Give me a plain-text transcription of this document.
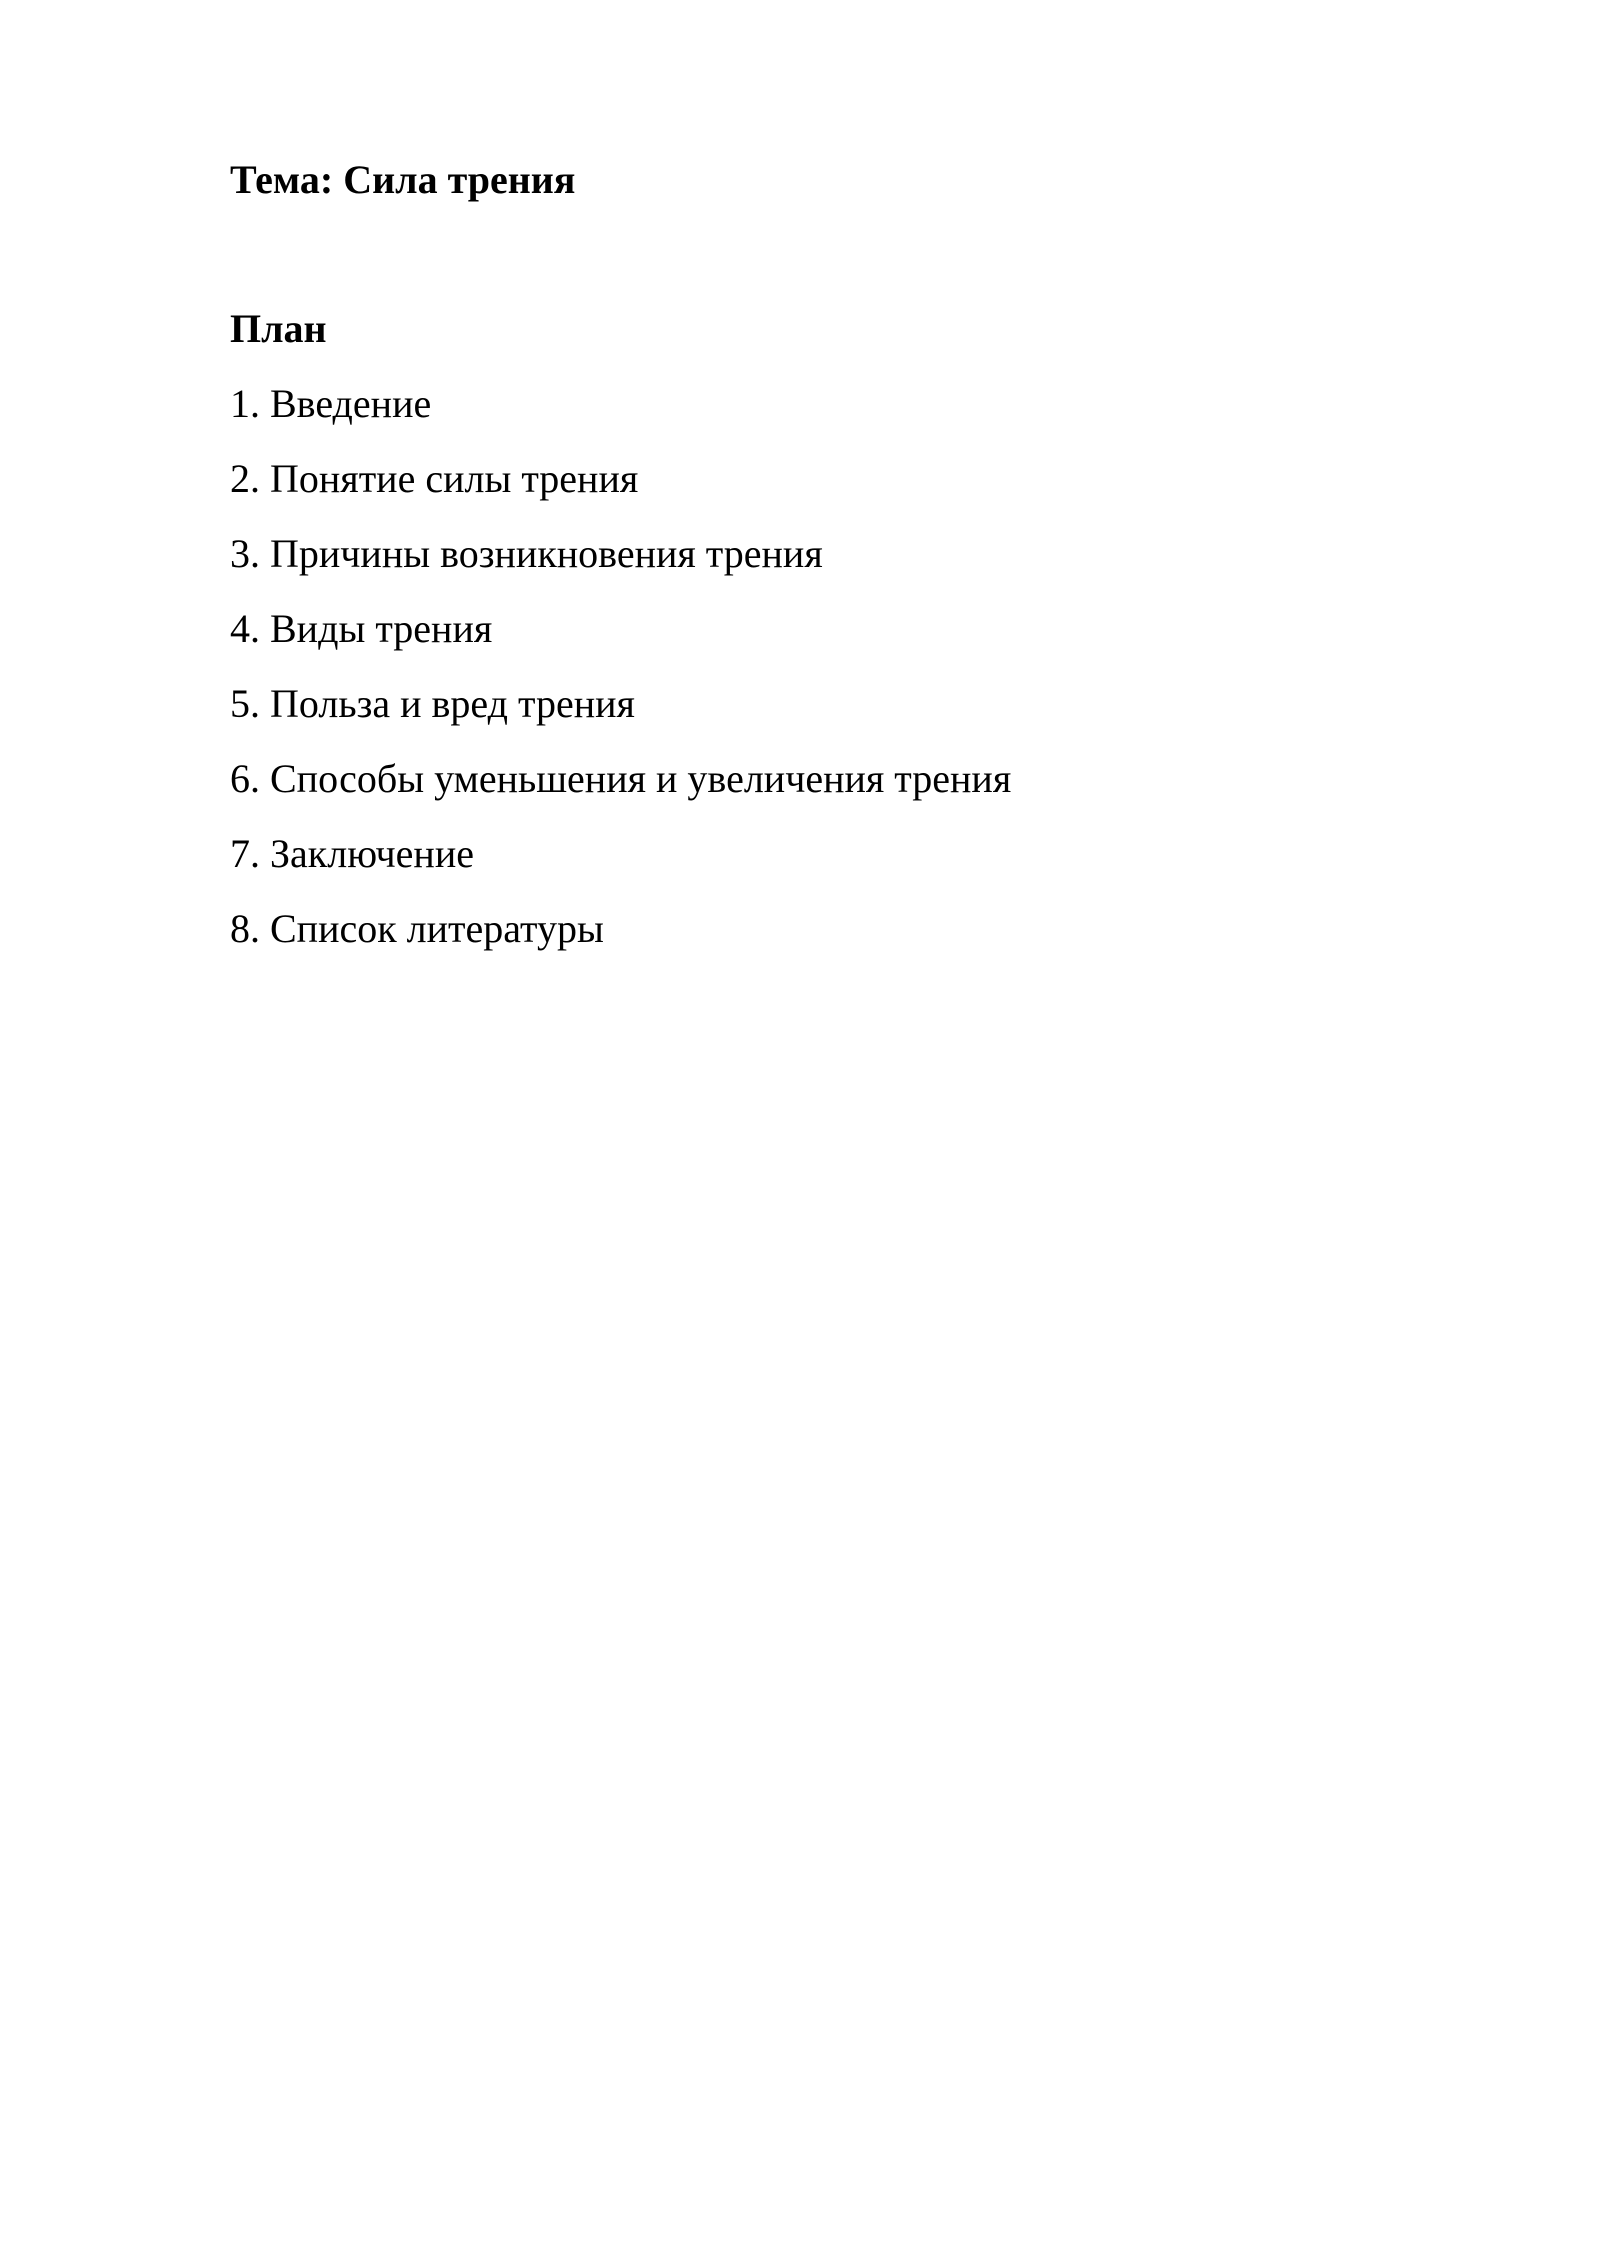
Тема: Сила трения

План

1. Введение
2. Понятие силы трения
3. Причины возникновения трения
4. Виды трения
5. Польза и вред трения
6. Способы уменьшения и увеличения трения
7. Заключение
8. Список литературы
